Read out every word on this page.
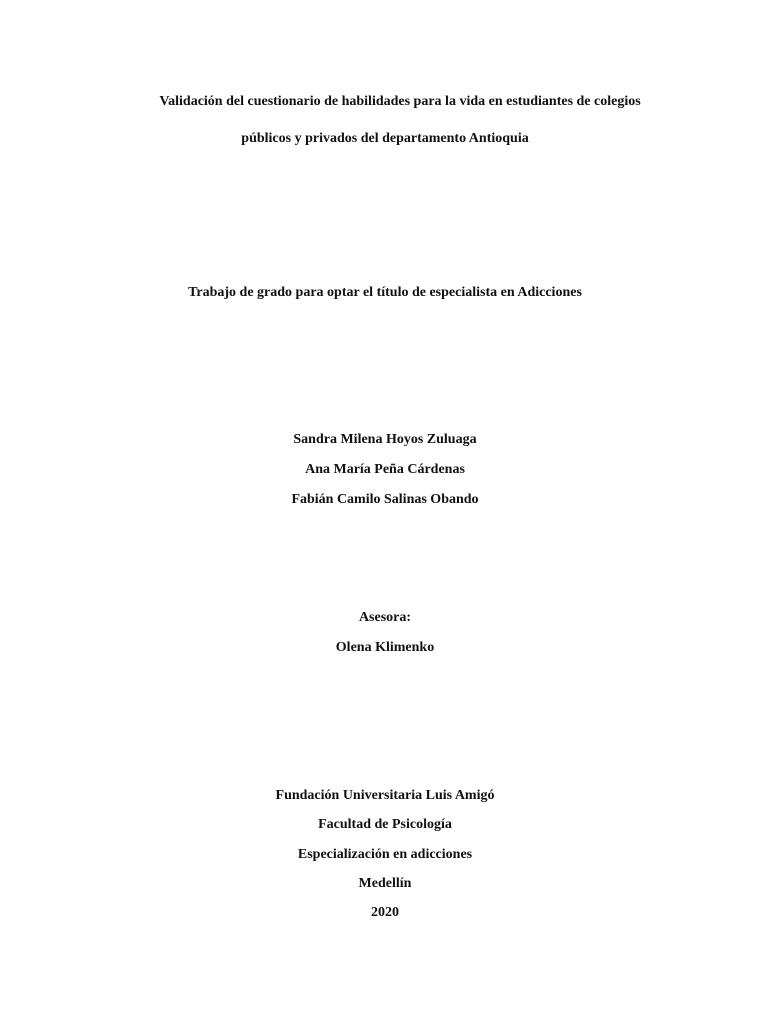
Validación del cuestionario de habilidades para la vida en estudiantes de colegios
públicos y privados del departamento Antioquia
Trabajo de grado para optar el título de especialista en Adicciones
Sandra Milena Hoyos Zuluaga
Ana María Peña Cárdenas
Fabián Camilo Salinas Obando
Asesora:
Olena Klimenko
Fundación Universitaria Luis Amigó
Facultad de Psicología
Especialización en adicciones
Medellín
2020
